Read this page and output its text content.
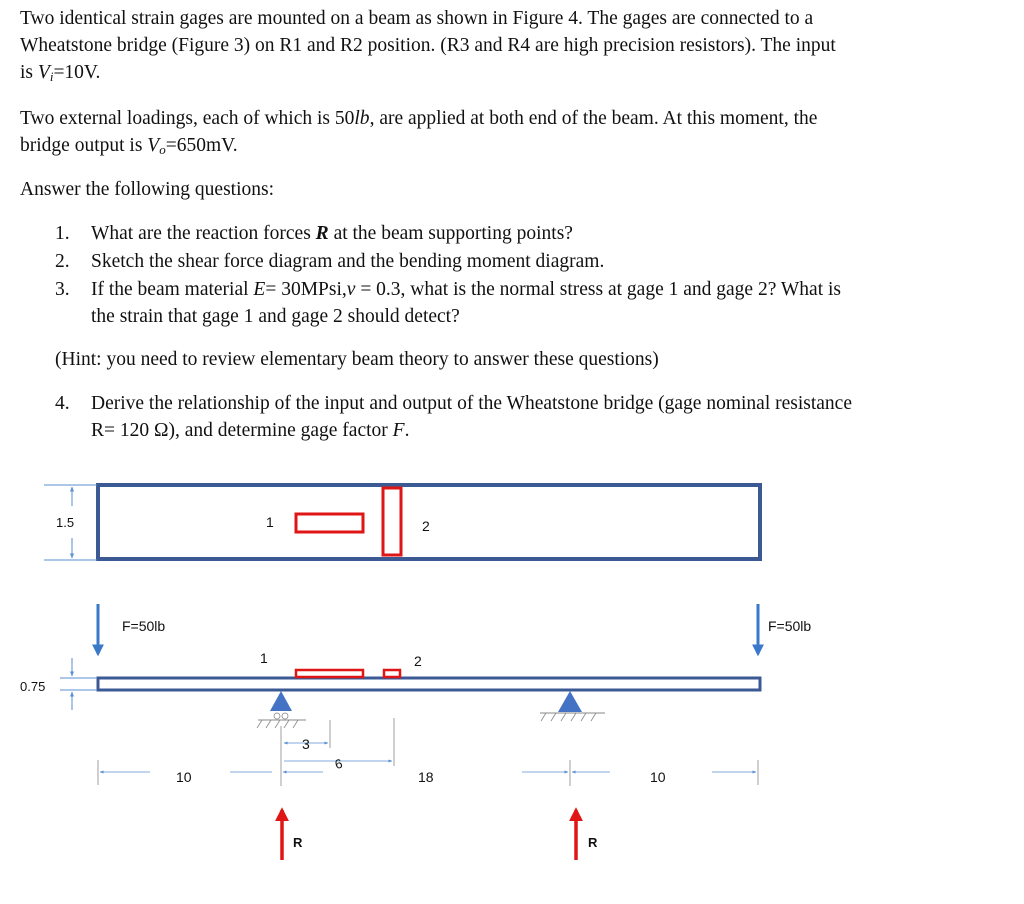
Two identical strain gages are mounted on a beam as shown in Figure 4. The gages are connected to a
Wheatstone bridge (Figure 3) on R1 and R2 position. (R3 and R4 are high precision resistors). The input
is Vi=10V.
Two external loadings, each of which is 50lb, are applied at both end of the beam. At this moment, the
bridge output is Vo=650mV.
Answer the following questions:
1. What are the reaction forces R at the beam supporting points?
2. Sketch the shear force diagram and the bending moment diagram.
3. If the beam material E= 30MPsi,v = 0.3, what is the normal stress at gage 1 and gage 2? What is
the strain that gage 1 and gage 2 should detect?
(Hint: you need to review elementary beam theory to answer these questions)
4. Derive the relationship of the input and output of the Wheatstone bridge (gage nominal resistance
R= 120 Ω), and determine gage factor F.
1	2
1.5
1	2
0.75
F=50lb	F=50lb
3
6
10	18	10
R	R
